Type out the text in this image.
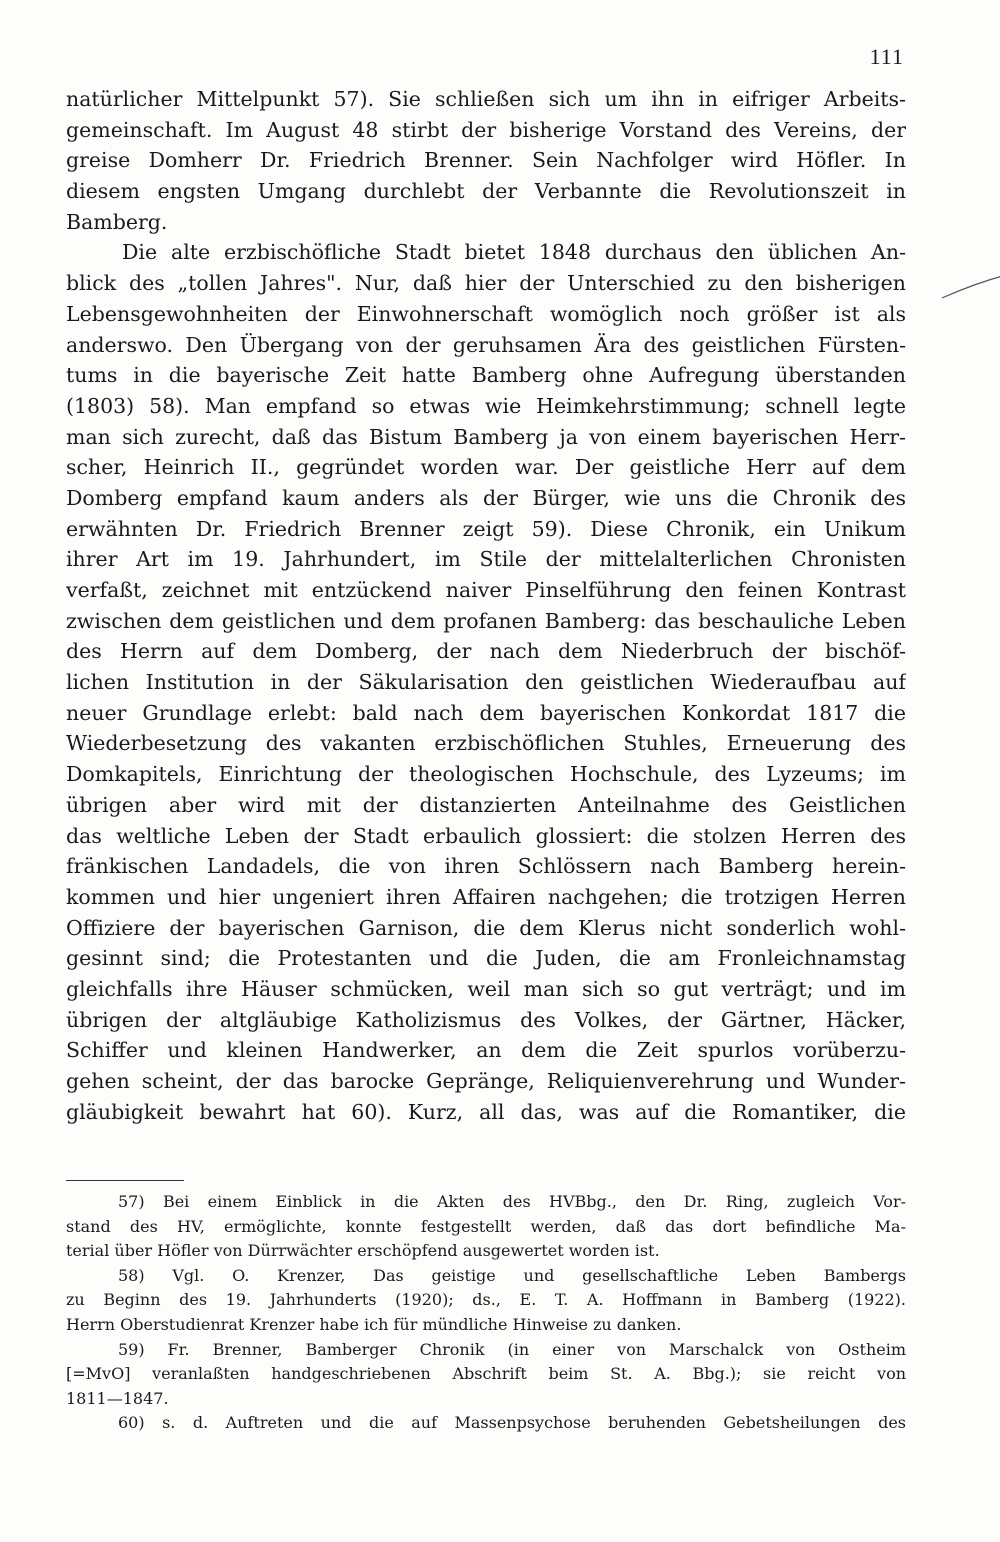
111
natürlicher Mittelpunkt 57). Sie schließen sich um ihn in eifriger Arbeits-
gemeinschaft. Im August 48 stirbt der bisherige Vorstand des Vereins, der
greise Domherr Dr. Friedrich Brenner. Sein Nachfolger wird Höfler. In
diesem engsten Umgang durchlebt der Verbannte die Revolutionszeit in
Bamberg.
Die alte erzbischöfliche Stadt bietet 1848 durchaus den üblichen An-
blick des „tollen Jahres". Nur, daß hier der Unterschied zu den bisherigen
Lebensgewohnheiten der Einwohnerschaft womöglich noch größer ist als
anderswo. Den Übergang von der geruhsamen Ära des geistlichen Fürsten-
tums in die bayerische Zeit hatte Bamberg ohne Aufregung überstanden
(1803) 58). Man empfand so etwas wie Heimkehrstimmung; schnell legte
man sich zurecht, daß das Bistum Bamberg ja von einem bayerischen Herr-
scher, Heinrich II., gegründet worden war. Der geistliche Herr auf dem
Domberg empfand kaum anders als der Bürger, wie uns die Chronik des
erwähnten Dr. Friedrich Brenner zeigt 59). Diese Chronik, ein Unikum
ihrer Art im 19. Jahrhundert, im Stile der mittelalterlichen Chronisten
verfaßt, zeichnet mit entzückend naiver Pinselführung den feinen Kontrast
zwischen dem geistlichen und dem profanen Bamberg: das beschauliche Leben
des Herrn auf dem Domberg, der nach dem Niederbruch der bischöf-
lichen Institution in der Säkularisation den geistlichen Wiederaufbau auf
neuer Grundlage erlebt: bald nach dem bayerischen Konkordat 1817 die
Wiederbesetzung des vakanten erzbischöflichen Stuhles, Erneuerung des
Domkapitels, Einrichtung der theologischen Hochschule, des Lyzeums; im
übrigen aber wird mit der distanzierten Anteilnahme des Geistlichen
das weltliche Leben der Stadt erbaulich glossiert: die stolzen Herren des
fränkischen Landadels, die von ihren Schlössern nach Bamberg herein-
kommen und hier ungeniert ihren Affairen nachgehen; die trotzigen Herren
Offiziere der bayerischen Garnison, die dem Klerus nicht sonderlich wohl-
gesinnt sind; die Protestanten und die Juden, die am Fronleichnamstag
gleichfalls ihre Häuser schmücken, weil man sich so gut verträgt; und im
übrigen der altgläubige Katholizismus des Volkes, der Gärtner, Häcker,
Schiffer und kleinen Handwerker, an dem die Zeit spurlos vorüberzu-
gehen scheint, der das barocke Gepränge, Reliquienverehrung und Wunder-
gläubigkeit bewahrt hat 60). Kurz, all das, was auf die Romantiker, die
57) Bei einem Einblick in die Akten des HVBbg., den Dr. Ring, zugleich Vor-
stand des HV, ermöglichte, konnte festgestellt werden, daß das dort befindliche Ma-
terial über Höfler von Dürrwächter erschöpfend ausgewertet worden ist.
58) Vgl. O. Krenzer, Das geistige und gesellschaftliche Leben Bambergs
zu Beginn des 19. Jahrhunderts (1920); ds., E. T. A. Hoffmann in Bamberg (1922).
Herrn Oberstudienrat Krenzer habe ich für mündliche Hinweise zu danken.
59) Fr. Brenner, Bamberger Chronik (in einer von Marschalck von Ostheim
[=MvO] veranlaßten handgeschriebenen Abschrift beim St. A. Bbg.); sie reicht von
1811—1847.
60) s. d. Auftreten und die auf Massenpsychose beruhenden Gebetsheilungen des
